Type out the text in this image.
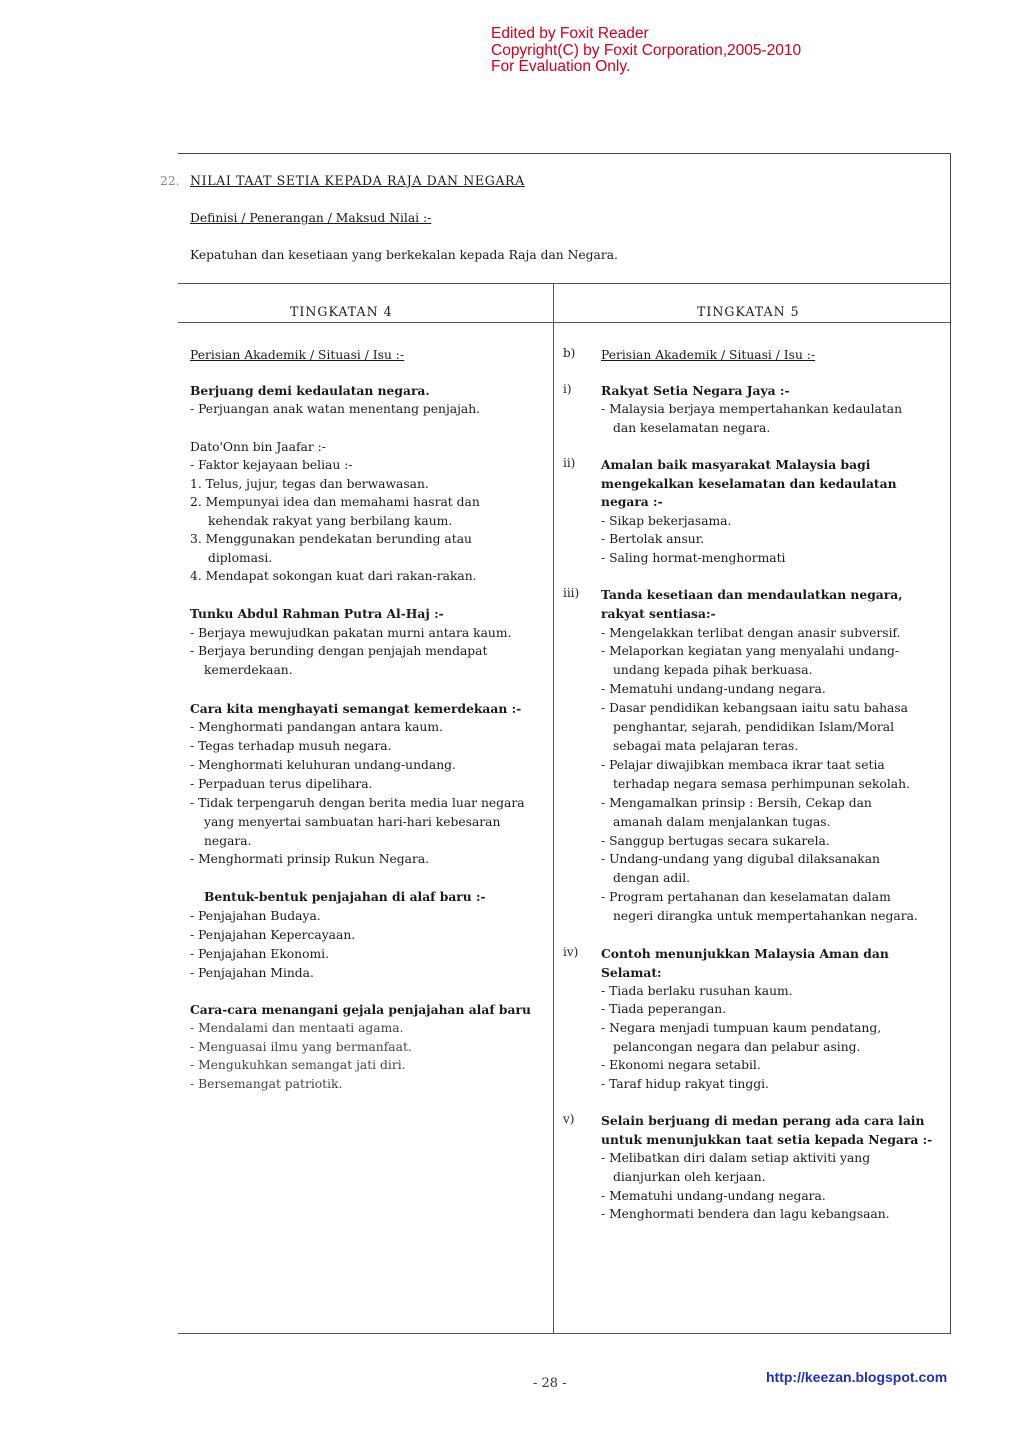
Edited by Foxit Reader
Copyright(C) by Foxit Corporation,2005-2010
For Evaluation Only.
22. NILAI TAAT SETIA KEPADA RAJA DAN NEGARA
Definisi / Penerangan / Maksud Nilai :-
Kepatuhan dan kesetiaan yang berkekalan kepada Raja dan Negara.
TINGKATAN 4	TINGKATAN 5
Perisian Akademik / Situasi / Isu :-
Berjuang demi kedaulatan negara.
- Perjuangan anak watan menentang penjajah.
Dato'Onn bin Jaafar :-
- Faktor kejayaan beliau :-
1. Telus, jujur, tegas dan berwawasan.
2. Mempunyai idea dan memahami hasrat dan
kehendak rakyat yang berbilang kaum.
3. Menggunakan pendekatan berunding atau
diplomasi.
4. Mendapat sokongan kuat dari rakan-rakan.
Tunku Abdul Rahman Putra Al-Haj :-
- Berjaya mewujudkan pakatan murni antara kaum.
- Berjaya berunding dengan penjajah mendapat
kemerdekaan.
Cara kita menghayati semangat kemerdekaan :-
- Menghormati pandangan antara kaum.
- Tegas terhadap musuh negara.
- Menghormati keluhuran undang-undang.
- Perpaduan terus dipelihara.
- Tidak terpengaruh dengan berita media luar negara
yang menyertai sambuatan hari-hari kebesaran
negara.
- Menghormati prinsip Rukun Negara.
Bentuk-bentuk penjajahan di alaf baru :-
- Penjajahan Budaya.
- Penjajahan Kepercayaan.
- Penjajahan Ekonomi.
- Penjajahan Minda.
Cara-cara menangani gejala penjajahan alaf baru
- Mendalami dan mentaati agama.
- Menguasai ilmu yang bermanfaat.
- Mengukuhkan semangat jati diri.
- Bersemangat patriotik.
b)
i)
ii)
iii)
iv)
v)
Perisian Akademik / Situasi / Isu :-
Rakyat Setia Negara Jaya :-
- Malaysia berjaya mempertahankan kedaulatan
dan keselamatan negara.
Amalan baik masyarakat Malaysia bagi
mengekalkan keselamatan dan kedaulatan
negara :-
- Sikap bekerjasama.
- Bertolak ansur.
- Saling hormat-menghormati
Tanda kesetiaan dan mendaulatkan negara,
rakyat sentiasa:-
- Mengelakkan terlibat dengan anasir subversif.
- Melaporkan kegiatan yang menyalahi undang-
undang kepada pihak berkuasa.
- Mematuhi undang-undang negara.
- Dasar pendidikan kebangsaan iaitu satu bahasa
penghantar, sejarah, pendidikan Islam/Moral
sebagai mata pelajaran teras.
- Pelajar diwajibkan membaca ikrar taat setia
terhadap negara semasa perhimpunan sekolah.
- Mengamalkan prinsip : Bersih, Cekap dan
amanah dalam menjalankan tugas.
- Sanggup bertugas secara sukarela.
- Undang-undang yang digubal dilaksanakan
dengan adil.
- Program pertahanan dan keselamatan dalam
negeri dirangka untuk mempertahankan negara.
Contoh menunjukkan Malaysia Aman dan
Selamat:
- Tiada berlaku rusuhan kaum.
- Tiada peperangan.
- Negara menjadi tumpuan kaum pendatang,
pelancongan negara dan pelabur asing.
- Ekonomi negara setabil.
- Taraf hidup rakyat tinggi.
Selain berjuang di medan perang ada cara lain
untuk menunjukkan taat setia kepada Negara :-
- Melibatkan diri dalam setiap aktiviti yang
dianjurkan oleh kerjaan.
- Mematuhi undang-undang negara.
- Menghormati bendera dan lagu kebangsaan.
- 28 -	http://keezan.blogspot.com
